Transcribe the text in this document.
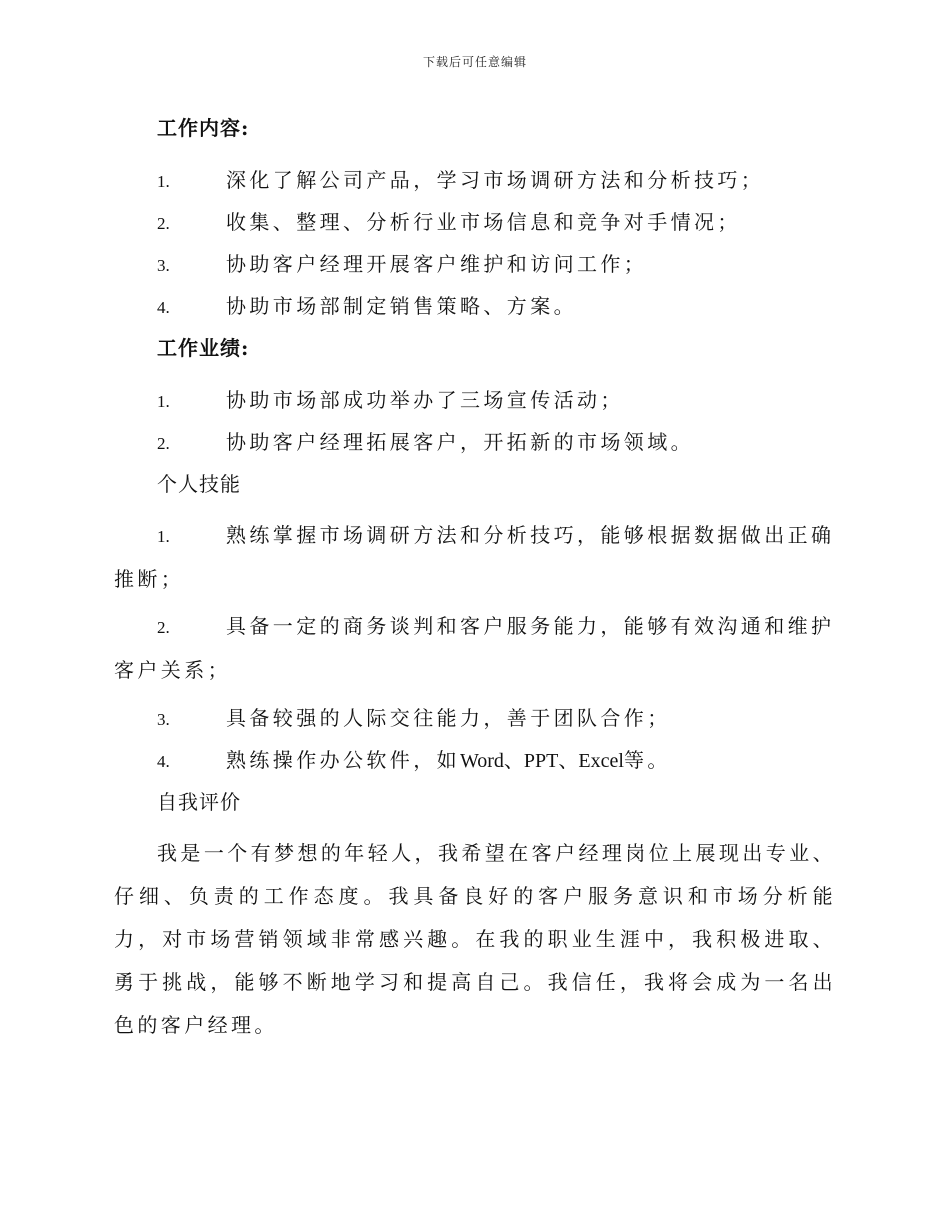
下载后可任意编辑
工作内容:
1.	深化了解公司产品，学习市场调研方法和分析技巧；
2.	收集、整理、分析行业市场信息和竞争对手情况；
3.	协助客户经理开展客户维护和访问工作；
4.	协助市场部制定销售策略、方案。
工作业绩:
1.	协助市场部成功举办了三场宣传活动；
2.	协助客户经理拓展客户，开拓新的市场领域。
个人技能
1.	熟练掌握市场调研方法和分析技巧，能够根据数据做出正确推断；
2.	具备一定的商务谈判和客户服务能力，能够有效沟通和维护客户关系；
3.	具备较强的人际交往能力，善于团队合作；
4.	熟练操作办公软件，如Word、PPT、Excel等。
自我评价

我是一个有梦想的年轻人，我希望在客户经理岗位上展现出专业、仔细、负责的工作态度。我具备良好的客户服务意识和市场分析能力，对市场营销领域非常感兴趣。在我的职业生涯中，我积极进取、勇于挑战，能够不断地学习和提高自己。我信任，我将会成为一名出色的客户经理。
